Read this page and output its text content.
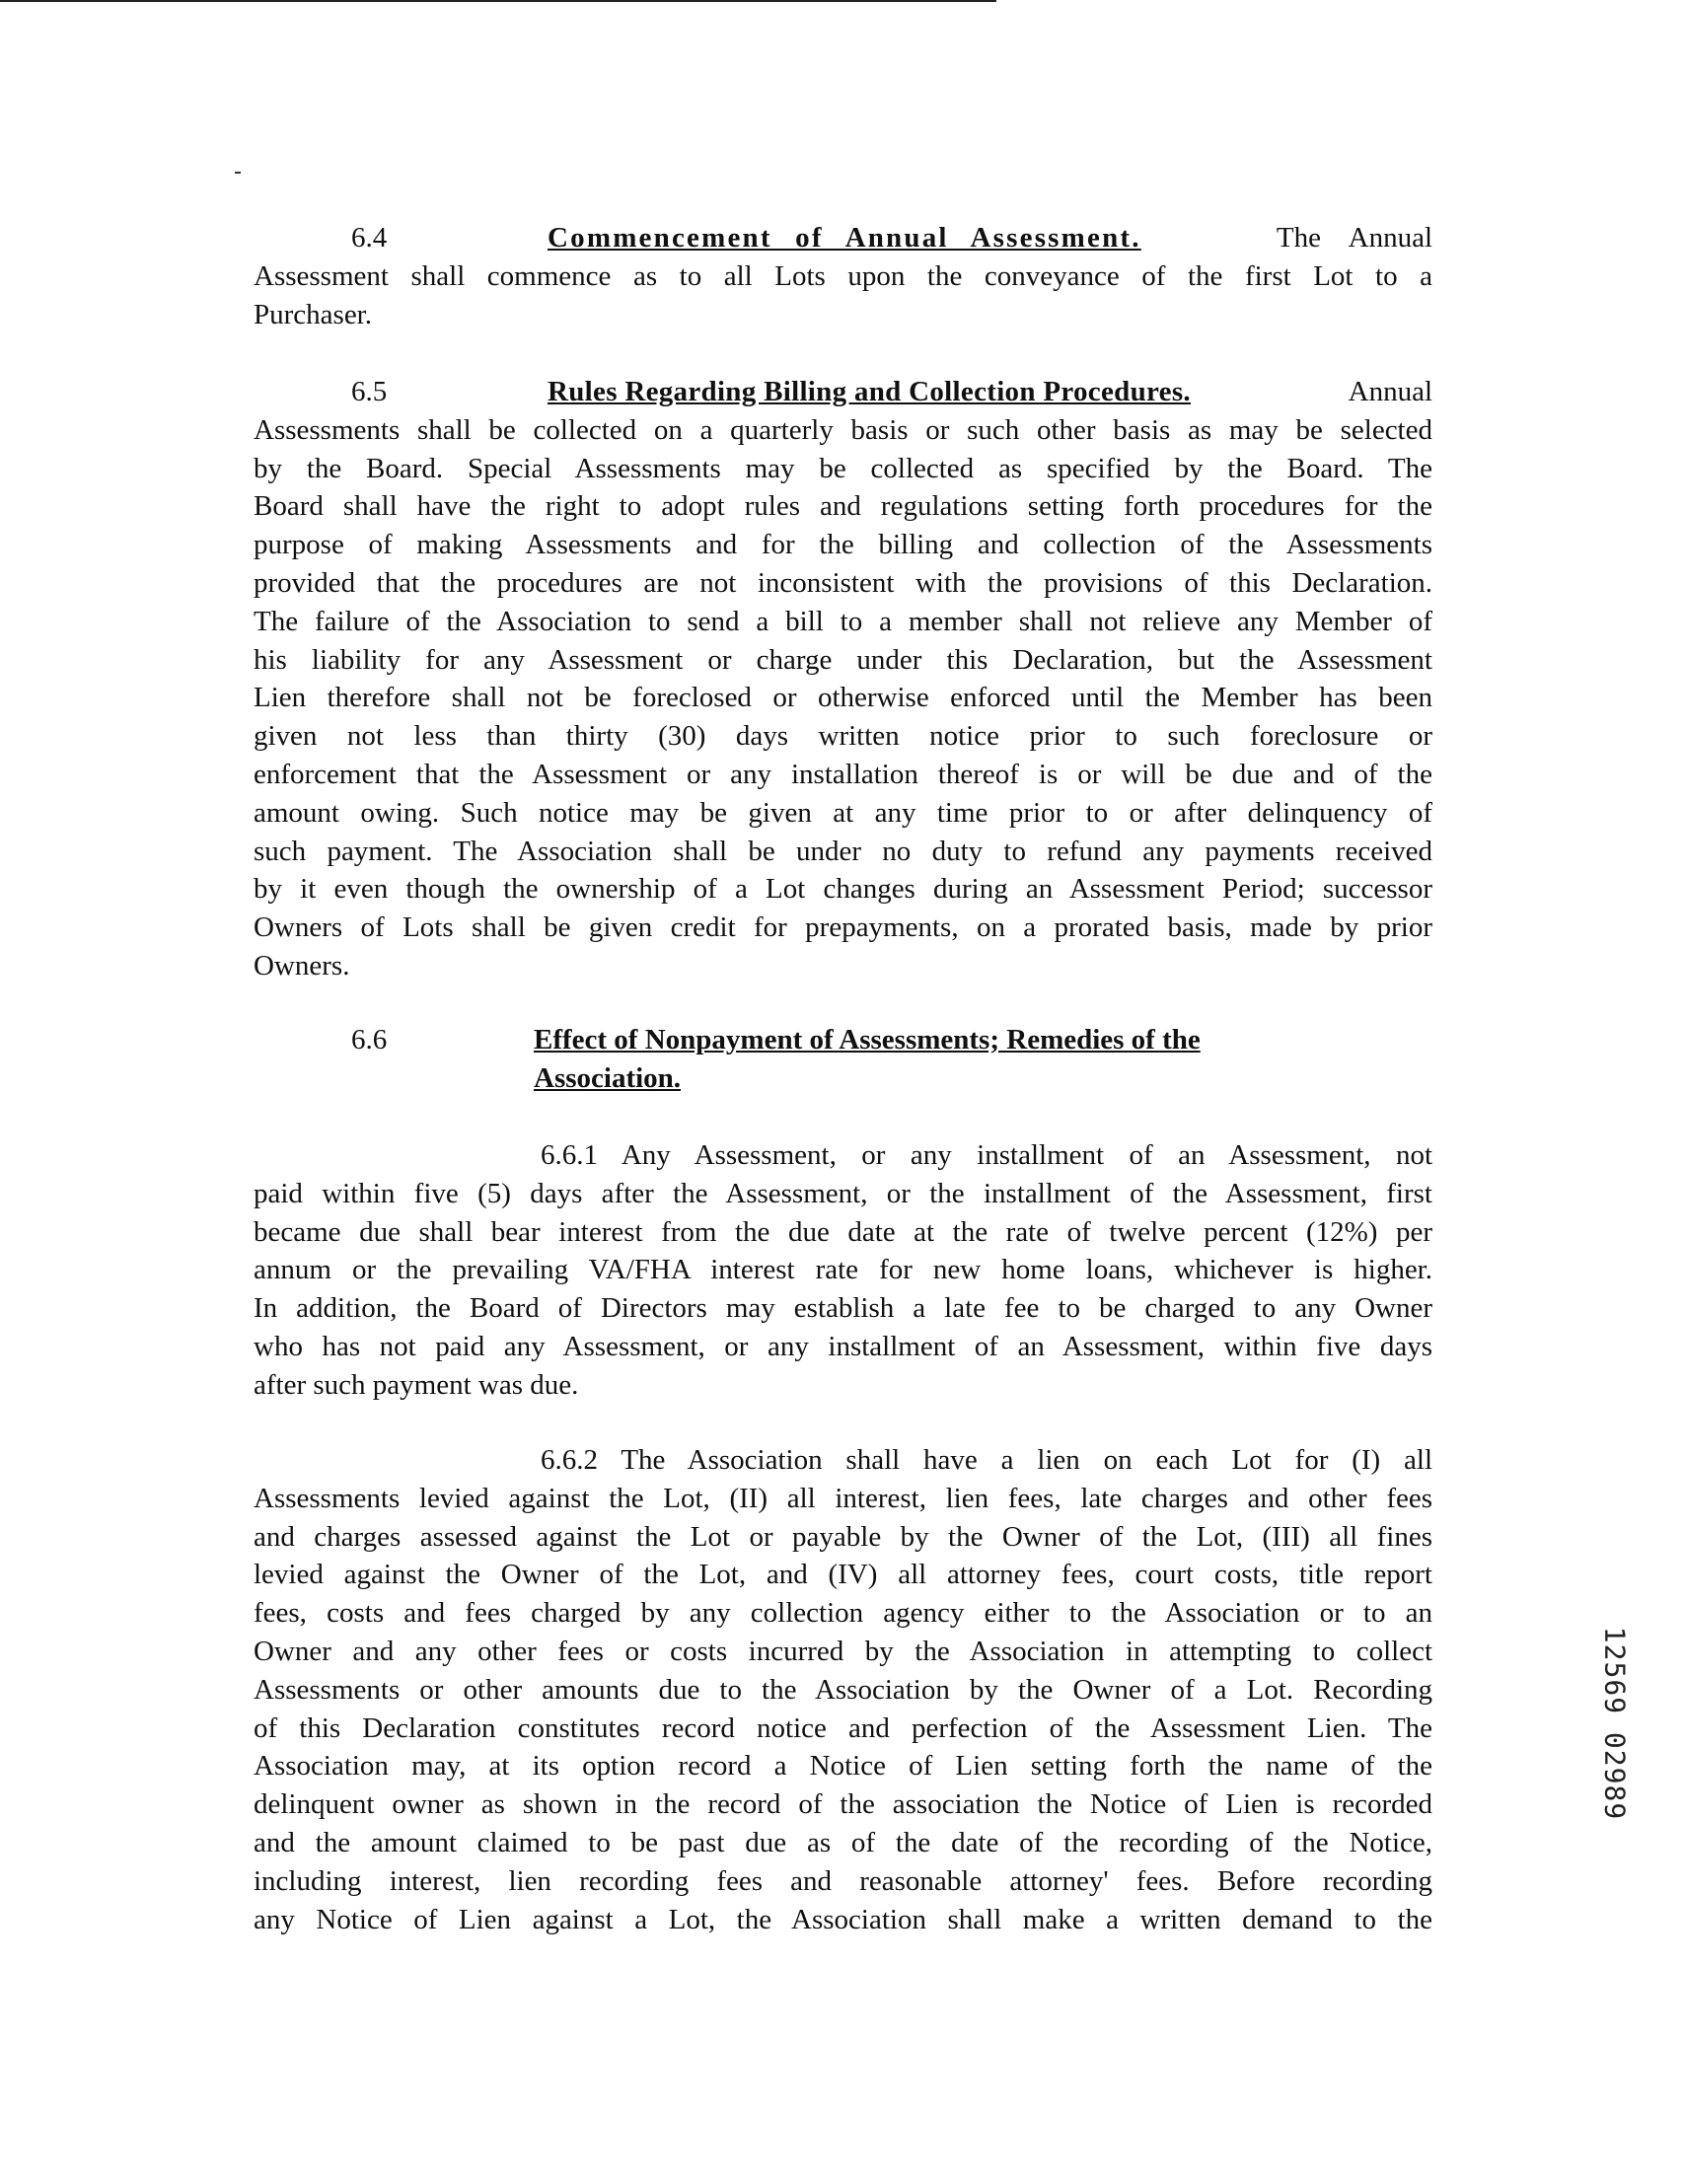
6.4	Commencement of Annual Assessment.	The Annual
Assessment shall commence as to all Lots upon the conveyance of the first Lot to a
Purchaser.
6.5	Rules Regarding Billing and Collection Procedures.	Annual
Assessments shall be collected on a quarterly basis or such other basis as may be selected
by the Board. Special Assessments may be collected as specified by the Board. The
Board shall have the right to adopt rules and regulations setting forth procedures for the
purpose of making Assessments and for the billing and collection of the Assessments
provided that the procedures are not inconsistent with the provisions of this Declaration.
The failure of the Association to send a bill to a member shall not relieve any Member of
his liability for any Assessment or charge under this Declaration, but the Assessment
Lien therefore shall not be foreclosed or otherwise enforced until the Member has been
given not less than thirty (30) days written notice prior to such foreclosure or
enforcement that the Assessment or any installation thereof is or will be due and of the
amount owing. Such notice may be given at any time prior to or after delinquency of
such payment. The Association shall be under no duty to refund any payments received
by it even though the ownership of a Lot changes during an Assessment Period; successor
Owners of Lots shall be given credit for prepayments, on a prorated basis, made by prior
Owners.
6.6	Effect of Nonpayment of Assessments; Remedies of the
Association.
6.6.1 Any Assessment, or any installment of an Assessment, not
paid within five (5) days after the Assessment, or the installment of the Assessment, first
became due shall bear interest from the due date at the rate of twelve percent (12%) per
annum or the prevailing VA/FHA interest rate for new home loans, whichever is higher.
In addition, the Board of Directors may establish a late fee to be charged to any Owner
who has not paid any Assessment, or any installment of an Assessment, within five days
after such payment was due.
6.6.2 The Association shall have a lien on each Lot for (I) all
Assessments levied against the Lot, (II) all interest, lien fees, late charges and other fees
and charges assessed against the Lot or payable by the Owner of the Lot, (III) all fines
levied against the Owner of the Lot, and (IV) all attorney fees, court costs, title report
fees, costs and fees charged by any collection agency either to the Association or to an
Owner and any other fees or costs incurred by the Association in attempting to collect
Assessments or other amounts due to the Association by the Owner of a Lot. Recording
of this Declaration constitutes record notice and perfection of the Assessment Lien. The
Association may, at its option record a Notice of Lien setting forth the name of the
delinquent owner as shown in the record of the association the Notice of Lien is recorded
and the amount claimed to be past due as of the date of the recording of the Notice,
including interest, lien recording fees and reasonable attorney' fees. Before recording
any Notice of Lien against a Lot, the Association shall make a written demand to the
12569 02989
